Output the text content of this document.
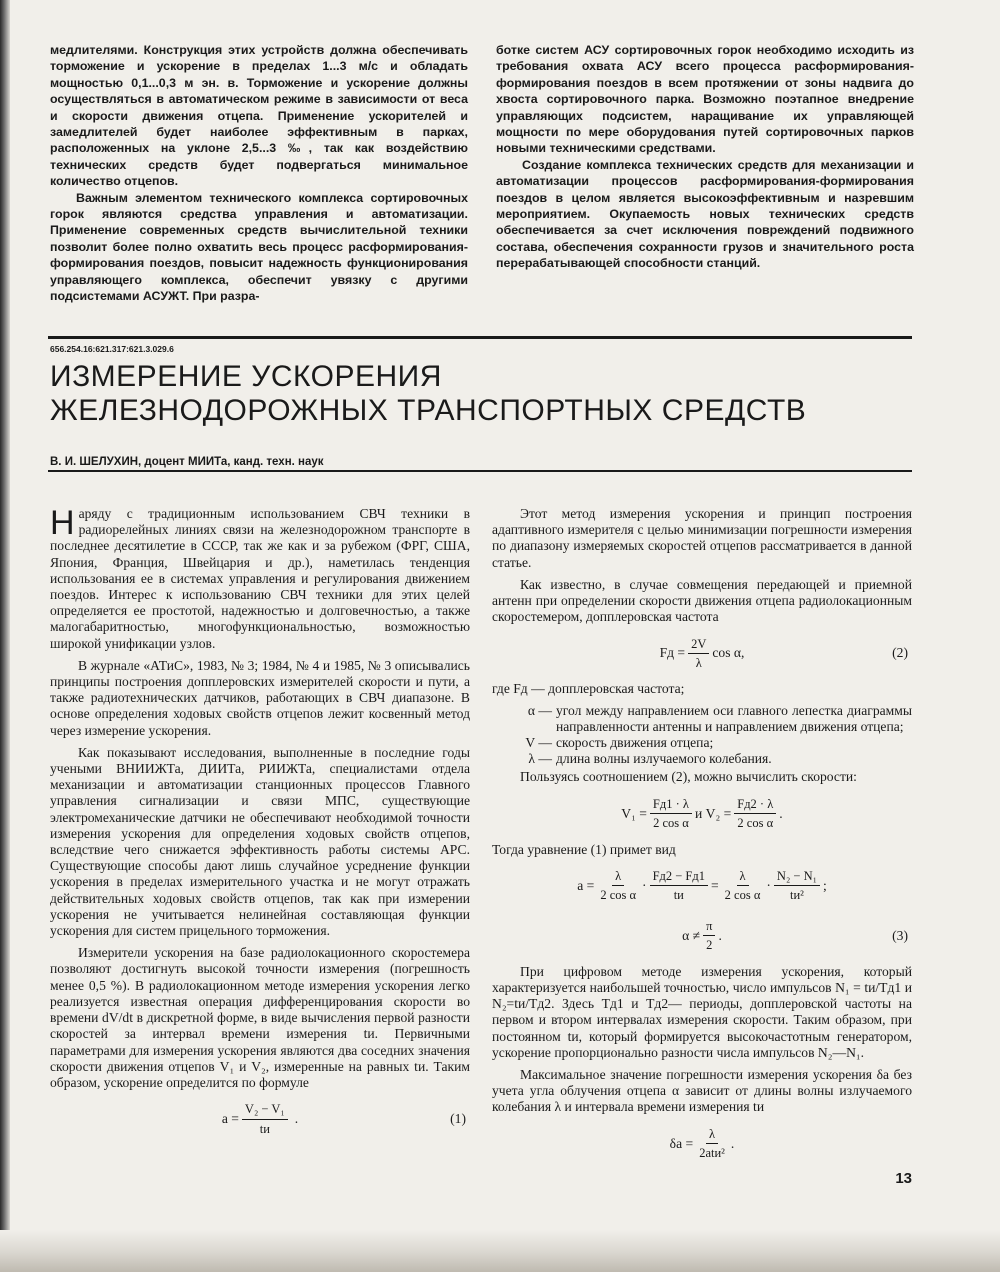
медлителями. Конструкция этих устройств должна обеспечивать торможение и ускорение в пределах 1...3 м/с и обладать мощностью 0,1...0,3 м эн. в. Торможение и ускорение должны осуществляться в автоматическом режиме в зависимости от веса и скорости движения отцепа. Применение ускорителей и замедлителей будет наиболее эффективным в парках, расположенных на уклоне 2,5...3 ‰, так как воздействию технических средств будет подвергаться минимальное количество отцепов.

Важным элементом технического комплекса сортировочных горок являются средства управления и автоматизации. Применение современных средств вычислительной техники позволит более полно охватить весь процесс расформирования-формирования поездов, повысит надежность функционирования управляющего комплекса, обеспечит увязку с другими подсистемами АСУЖТ. При разра-

ботке систем АСУ сортировочных горок необходимо исходить из требования охвата АСУ всего процесса расформирования-формирования поездов в всем протяжении от зоны надвига до хвоста сортировочного парка. Возможно поэтапное внедрение управляющих подсистем, наращивание их управляющей мощности по мере оборудования путей сортировочных парков новыми техническими средствами.

Создание комплекса технических средств для механизации и автоматизации процессов расформирования-формирования поездов в целом является высокоэффективным и назревшим мероприятием. Окупаемость новых технических средств обеспечивается за счет исключения повреждений подвижного состава, обеспечения сохранности грузов и значительного роста перерабатывающей способности станций.

656.254.16:621.317:621.3.029.6
ИЗМЕРЕНИЕ УСКОРЕНИЯ
ЖЕЛЕЗНОДОРОЖНЫХ ТРАНСПОРТНЫХ СРЕДСТВ
В. И. ШЕЛУХИН, доцент МИИТа, канд. техн. наук

Наряду с традиционным использованием СВЧ техники в радиорелейных линиях связи на железнодорожном транспорте в последнее десятилетие в СССР, так же как и за рубежом (ФРГ, США, Япония, Франция, Швейцария и др.), наметилась тенденция использования ее в системах управления и регулирования движением поездов. Интерес к использованию СВЧ техники для этих целей определяется ее простотой, надежностью и долговечностью, а также малогабаритностью, многофункциональностью, возможностью широкой унификации узлов.

В журнале «АТиС», 1983, № 3; 1984, № 4 и 1985, № 3 описывались принципы построения допплеровских измерителей скорости и пути, а также радиотехнических датчиков, работающих в СВЧ диапазоне. В основе определения ходовых свойств отцепов лежит косвенный метод через измерение ускорения.

Как показывают исследования, выполненные в последние годы учеными ВНИИЖТа, ДИИТа, РИИЖТа, специалистами отдела механизации и автоматизации станционных процессов Главного управления сигнализации и связи МПС, существующие электромеханические датчики не обеспечивают необходимой точности измерения ускорения для определения ходовых свойств отцепов, вследствие чего снижается эффективность работы системы АРС. Существующие способы дают лишь случайное усреднение функции ускорения в пределах измерительного участка и не могут отражать действительных ходовых свойств отцепов, так как при измерении ускорения не учитывается нелинейная составляющая функции ускорения для систем прицельного торможения.

Измерители ускорения на базе радиолокационного скоростемера позволяют достигнуть высокой точности измерения (погрешность менее 0,5 %). В радиолокационном методе измерения ускорения легко реализуется известная операция дифференцирования скорости во времени dV/dt в дискретной форме, в виде вычисления первой разности скоростей за интервал времени измерения tи. Первичными параметрами для измерения ускорения являются два соседних значения скорости движения отцепов V₁ и V₂, измеренные на равных tи. Таким образом, ускорение определится по формуле

$a = \frac{\text{V₂ − V₁}}{tи}$ .	(1)

Этот метод измерения ускорения и принцип построения адаптивного измерителя с целью минимизации погрешности измерения по диапазону измеряемых скоростей отцепов рассматривается в данной статье.

Как известно, в случае совмещения передающей и приемной антенн при определении скорости движения отцепа радиолокационным скоростемером, допплеровская частота

Fд = $\frac{2V}{\lambda}$ cos α,	(2)

где Fд — допплеровская частота;

α — угол между направлением оси главного лепестка диаграммы направленности антенны и направлением движения отцепа;
V — скорость движения отцепа;
λ — длина волны излучаемого колебания.

Пользуясь соотношением (2), можно вычислить скорости:

$V_1 = \frac{Fд1 \cdot \lambda}{\text{2 cos α}}$ и $V_2 = \frac{Fд2 \cdot \lambda}{\text{2 cos α}}$ .

Тогда уравнение (1) примет вид

$a = \frac{\lambda}{\text{2 cos α}} \cdot \frac{Fд2 - Fд1}{tи} = \frac{\lambda}{\text{2 cos α}} \cdot \frac{\text{N₂ − N₁}}{\text{tи²}}$ ;
$\alpha \ne \frac{\pi}{2}$ .	(3)

При цифровом методе измерения ускорения, который характеризуется наибольшей точностью, число импульсов N₁ = tи/Tд1 и N₂=tи/Tд2. Здесь Tд1 и Tд2— периоды, допплеровской частоты на первом и втором интервалах измерения скорости. Таким образом, при постоянном tи, который формируется высокочастотным генератором, ускорение пропорционально разности числа импульсов N₂—N₁.

Максимальное значение погрешности измерения ускорения δa без учета угла облучения отцепа α зависит от длины волны излучаемого колебания λ и интервала времени измерения tи

$\delta a = \frac{\lambda}{\text{2atи²}}$ .
13
